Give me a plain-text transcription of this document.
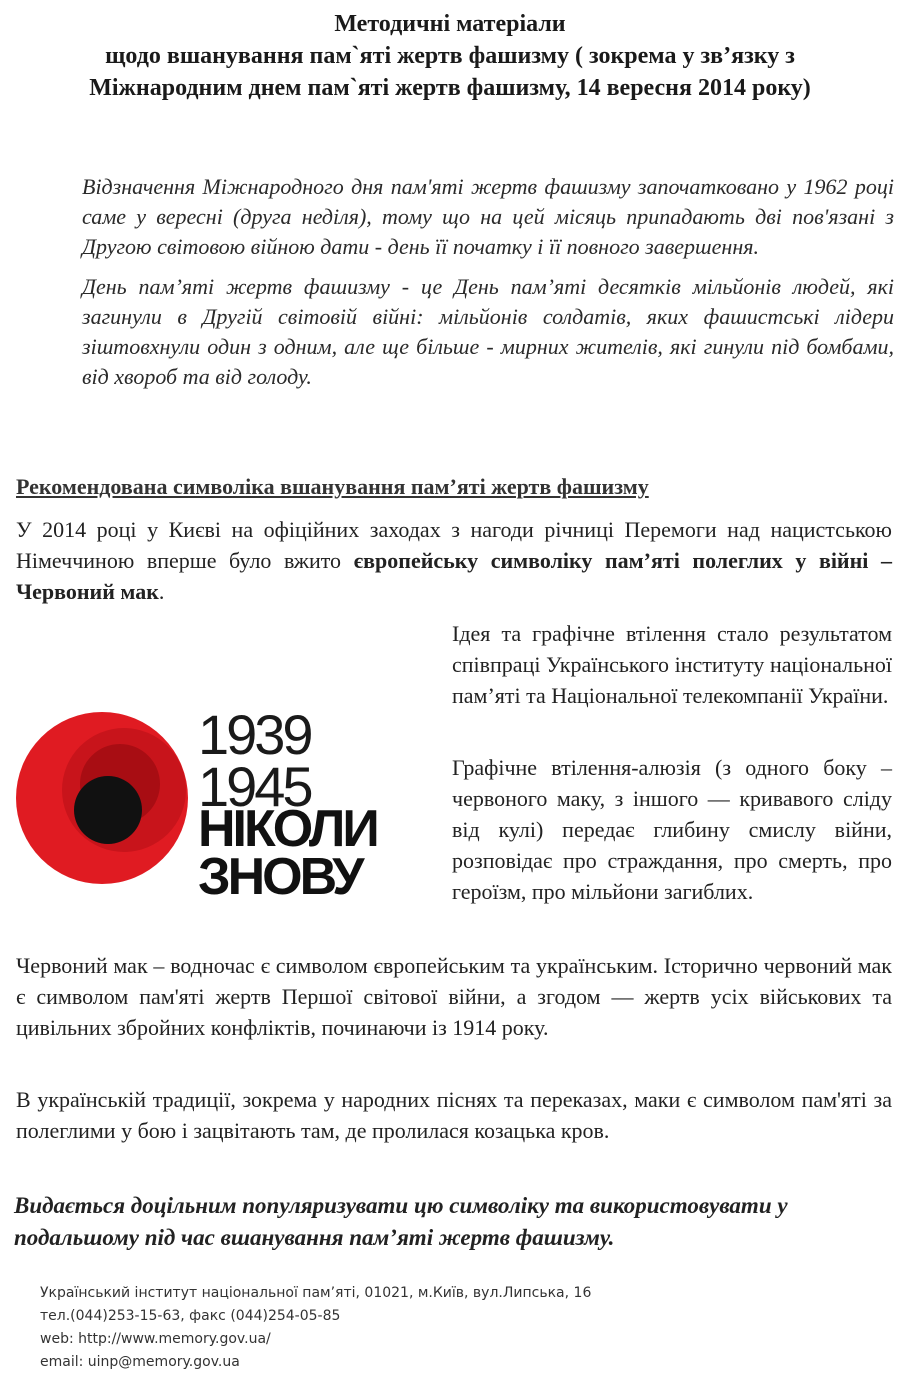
Методичні матеріали
щодо вшанування пам`яті жертв фашизму ( зокрема у зв’язку з
Міжнародним днем пам`яті жертв фашизму, 14 вересня 2014 року)

Відзначення Міжнародного дня пам'яті жертв фашизму започатковано у 1962 році саме у вересні (друга неділя), тому що на цей місяць припадають дві пов'язані з Другою світовою війною дати - день її початку і її повного завершення.

День пам’яті жертв фашизму - це День пам’яті десятків мільйонів людей, які загинули в Другій світовій війні: мільйонів солдатів, яких фашистські лідери зіштовхнули один з одним, але ще більше - мирних жителів, які гинули під бомбами, від хвороб та від голоду.

Рекомендована символіка вшанування пам’яті жертв фашизму

У 2014 році у Києві на офіційних заходах з нагоди річниці Перемоги над нацистською Німеччиною вперше було вжито європейську символіку пам’яті полеглих у війні – Червоний мак.

1939
1945
НІКОЛИ
ЗНОВУ

Ідея та графічне втілення стало результатом співпраці Українського інституту національної пам’яті та Національної телекомпанії України.

Графічне втілення-алюзія (з одного боку – червоного маку, з іншого — кривавого сліду від кулі) передає глибину смислу війни, розповідає про страждання, про смерть, про героїзм, про мільйони загиблих.

Червоний мак – водночас є символом європейським та українським. Історично червоний мак є символом пам'яті жертв Першої світової війни, а згодом — жертв усіх військових та цивільних збройних конфліктів, починаючи із 1914 року.

В українській традиції, зокрема у народних піснях та переказах, маки є символом пам'яті за полеглими у бою і зацвітають там, де пролилася козацька кров.

Видається доцільним популяризувати цю символіку та використовувати у подальшому під час вшанування пам’яті жертв фашизму.

Український інститут національної пам’яті, 01021, м.Київ, вул.Липська, 16
тел.(044)253-15-63, факс (044)254-05-85
web: http://www.memory.gov.ua/
email: uinp@memory.gov.ua
